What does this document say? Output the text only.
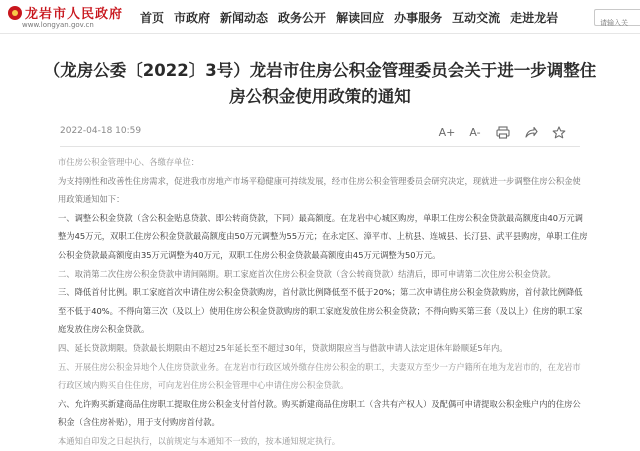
龙岩市人民政府
www.longyan.gov.cn
首页 市政府 新闻动态 政务公开 解读回应 办事服务 互动交流 走进龙岩
请输入关
（龙房公委〔2022〕3号）龙岩市住房公积金管理委员会关于进一步调整住房公积金使用政策的通知
2022-04-18 10:59	A+ A-

市住房公积金管理中心、各缴存单位：

为支持刚性和改善性住房需求，促进我市房地产市场平稳健康可持续发展，经市住房公积金管理委员会研究决定，现就进一步调整住房公积金使用政策通知如下：

一、调整公积金贷款（含公积金贴息贷款、即公转商贷款，下同）最高额度。在龙岩中心城区购房，单职工住房公积金贷款最高额度由40万元调整为45万元，双职工住房公积金贷款最高额度由50万元调整为55万元；在永定区、漳平市、上杭县、连城县、长汀县、武平县购房，单职工住房公积金贷款最高额度由35万元调整为40万元，双职工住房公积金贷款最高额度由45万元调整为50万元。

二、取消第二次住房公积金贷款申请间隔期。职工家庭首次住房公积金贷款（含公转商贷款）结清后，即可申请第二次住房公积金贷款。

三、降低首付比例。职工家庭首次申请住房公积金贷款购房，首付款比例降低至不低于20%；第二次申请住房公积金贷款购房，首付款比例降低至不低于40%。不得向第三次（及以上）使用住房公积金贷款购房的职工家庭发放住房公积金贷款；不得向购买第三套（及以上）住房的职工家庭发放住房公积金贷款。

四、延长贷款期限。贷款最长期限由不超过25年延长至不超过30年，贷款期限应当与借款申请人法定退休年龄顺延5年内。

五、开展住房公积金异地个人住房贷款业务。在龙岩市行政区域外缴存住房公积金的职工，夫妻双方至少一方户籍所在地为龙岩市的，在龙岩市行政区域内购买自住住房，可向龙岩住房公积金管理中心申请住房公积金贷款。

六、允许购买新建商品住房职工提取住房公积金支付首付款。购买新建商品住房职工（含共有产权人）及配偶可申请提取公积金账户内的住房公积金（含住房补贴），用于支付购房首付款。

本通知自印发之日起执行，以前规定与本通知不一致的，按本通知规定执行。
